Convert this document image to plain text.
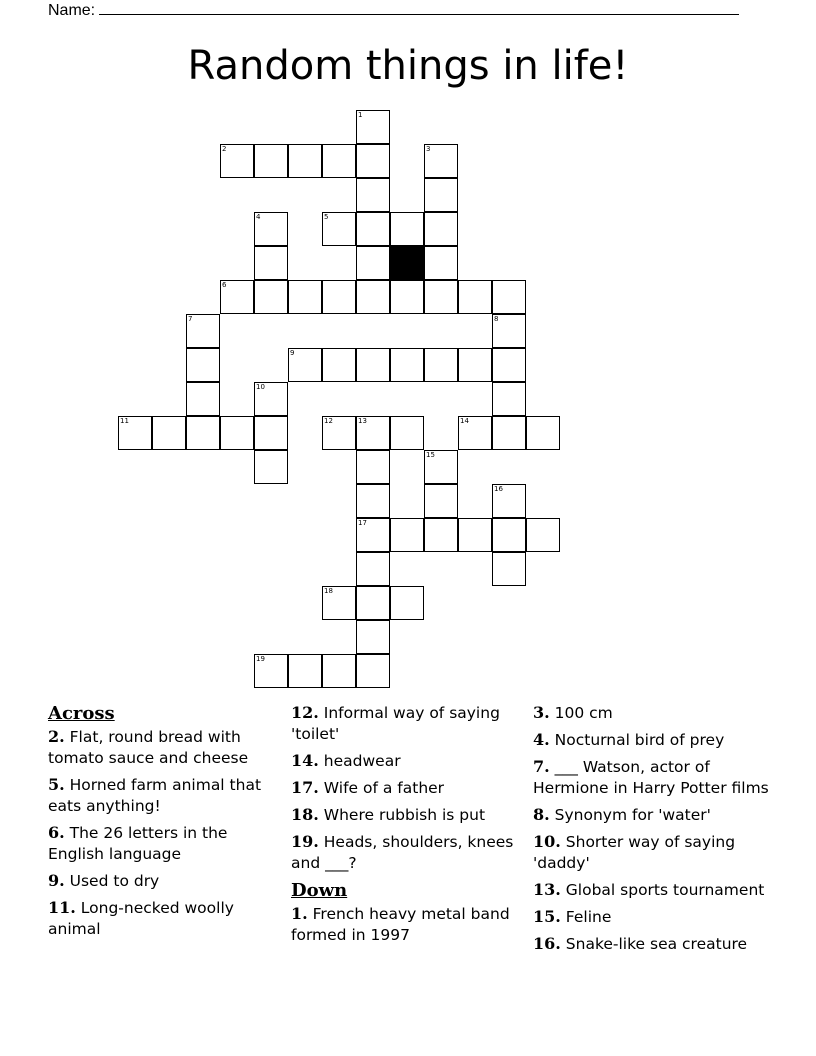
Name:
Random things in life!
1
2	3
4	5
6
7	8
9
10
11	12	13	14
15
16
17
18
19
Across
2. Flat, round bread with tomato sauce and cheese
5. Horned farm animal that eats anything!
6. The 26 letters in the English language
9. Used to dry
11. Long-necked woolly animal
12. Informal way of saying 'toilet'
14. headwear
17. Wife of a father
18. Where rubbish is put
19. Heads, shoulders, knees and ___?
Down
1. French heavy metal band formed in 1997
3. 100 cm
4. Nocturnal bird of prey
7. ___ Watson, actor of Hermione in Harry Potter films
8. Synonym for 'water'
10. Shorter way of saying 'daddy'
13. Global sports tournament
15. Feline
16. Snake-like sea creature
